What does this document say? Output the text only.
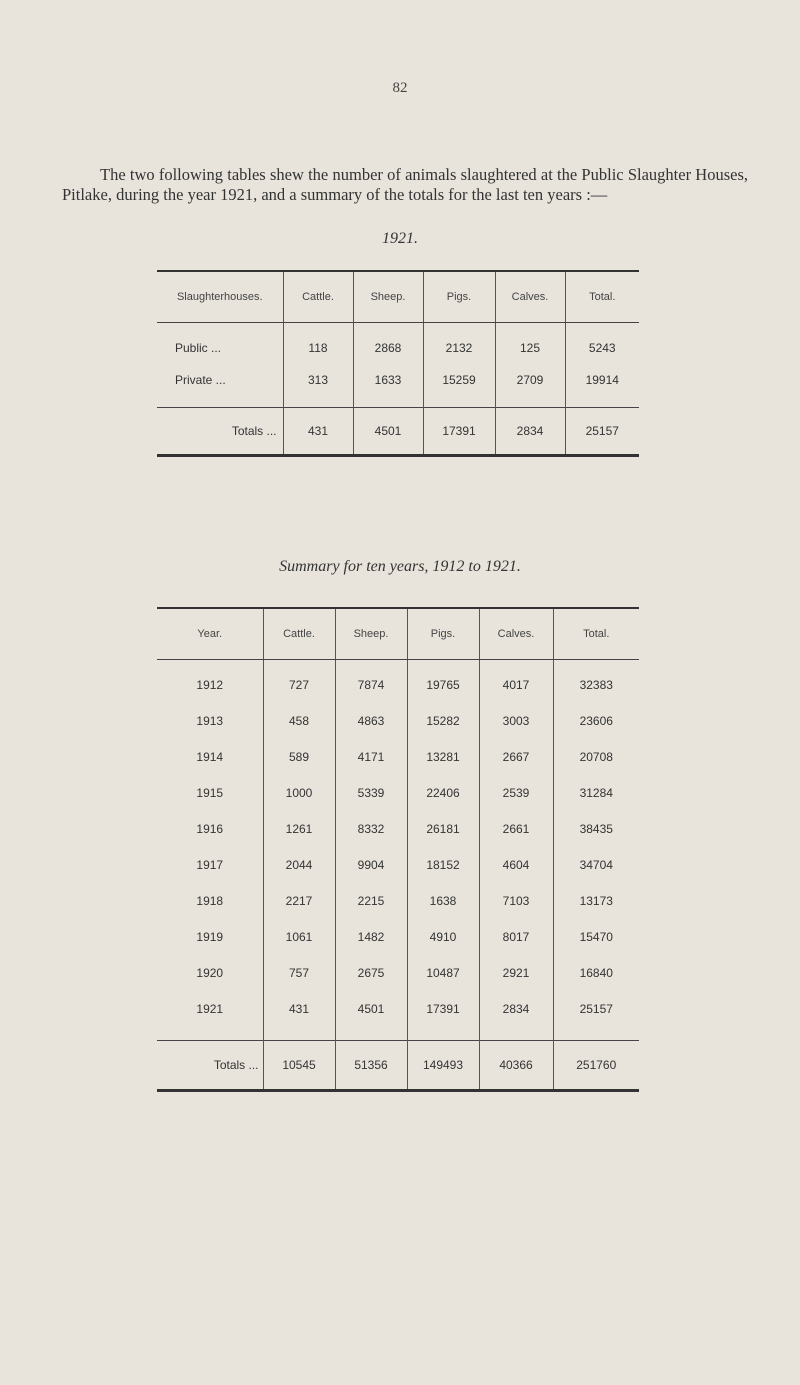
82

The two following tables shew the number of animals slaughtered at the Public Slaughter Houses, Pitlake, during the year 1921, and a summary of the totals for the last ten years :—

1921.
Slaughterhouses.	Cattle.	Sheep.	Pigs.	Calves.	Total.
Public ...	118	2868	2132	125	5243
Private ...	313	1633	15259	2709	19914
Totals ...	431	4501	17391	2834	25157
Summary for ten years, 1912 to 1921.
Year.	Cattle.	Sheep.	Pigs.	Calves.	Total.
1912	727	7874	19765	4017	32383
1913	458	4863	15282	3003	23606
1914	589	4171	13281	2667	20708
1915	1000	5339	22406	2539	31284
1916	1261	8332	26181	2661	38435
1917	2044	9904	18152	4604	34704
1918	2217	2215	1638	7103	13173
1919	1061	1482	4910	8017	15470
1920	757	2675	10487	2921	16840
1921	431	4501	17391	2834	25157
Totals ...	10545	51356	149493	40366	251760
